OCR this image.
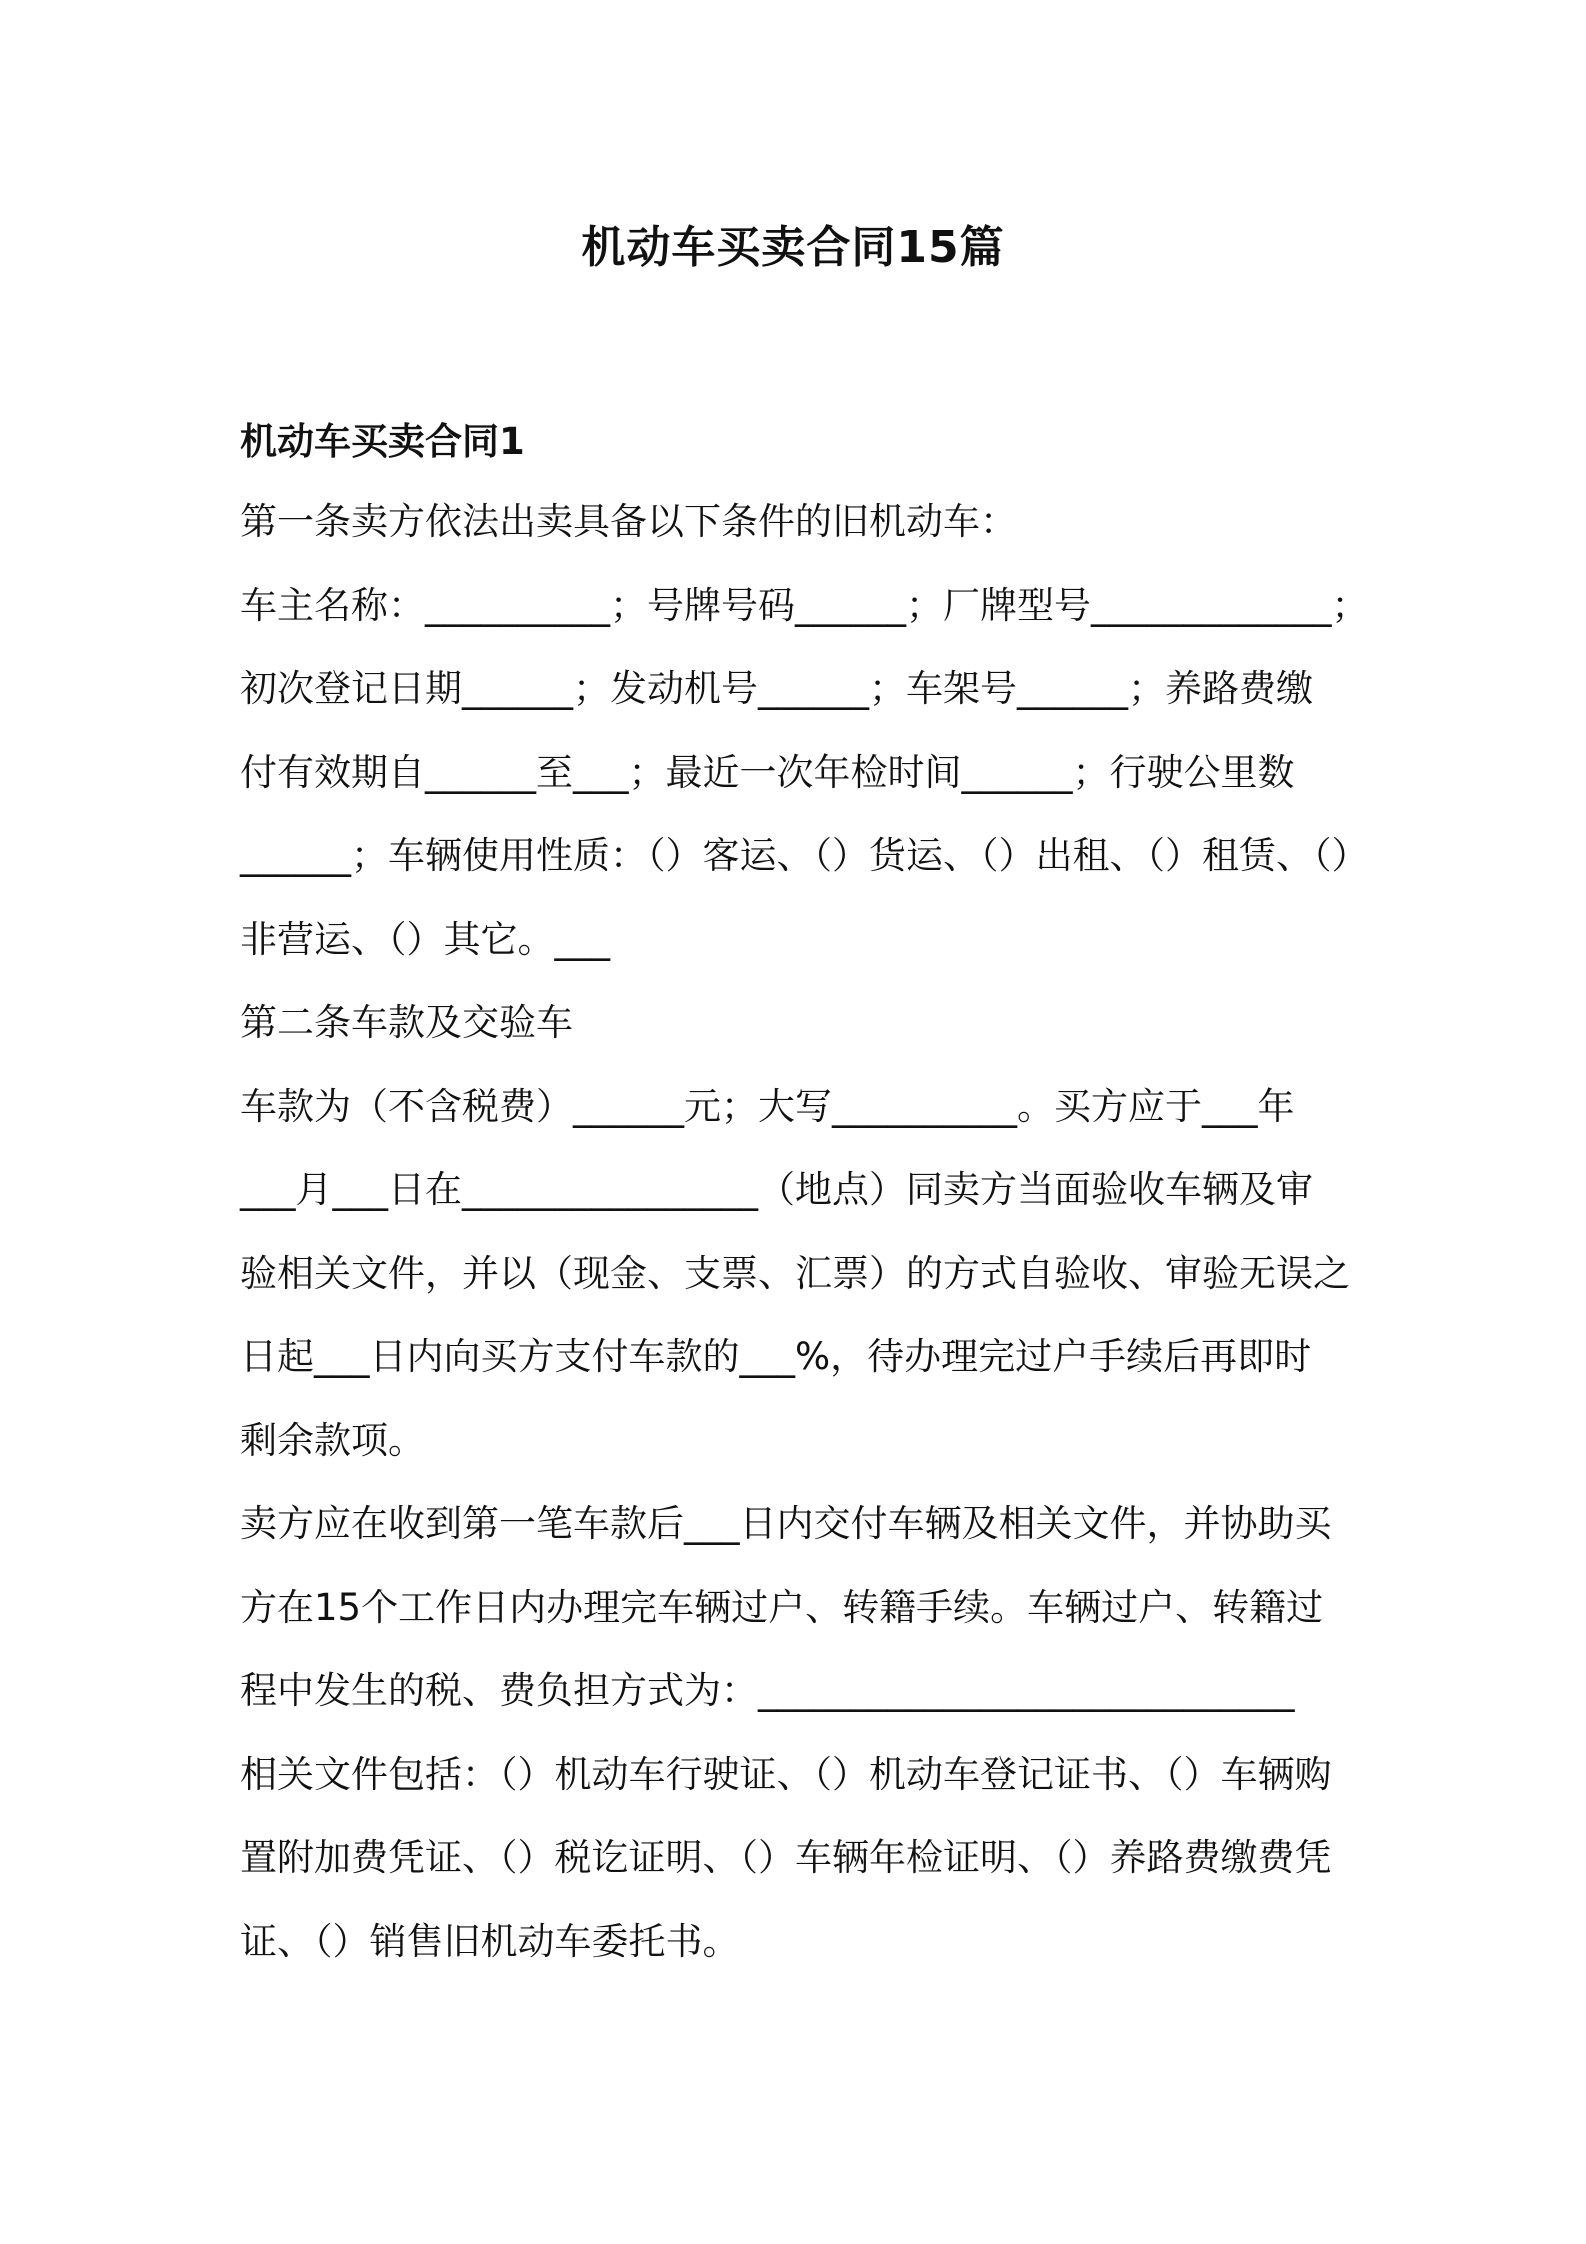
机动车买卖合同15篇
机动车买卖合同1
第一条卖方依法出卖具备以下条件的旧机动车：
车主名称：__________；号牌号码______；厂牌型号_____________；
初次登记日期______；发动机号______；车架号______；养路费缴
付有效期自______至___；最近一次年检时间______；行驶公里数
______；车辆使用性质：（）客运、（）货运、（）出租、（）租赁、（）
非营运、（）其它。___
第二条车款及交验车
车款为（不含税费）______元；大写__________。买方应于___年
___月___日在________________（地点）同卖方当面验收车辆及审
验相关文件，并以（现金、支票、汇票）的方式自验收、审验无误之
日起___日内向买方支付车款的___%，待办理完过户手续后再即时
剩余款项。
卖方应在收到第一笔车款后___日内交付车辆及相关文件，并协助买
方在15个工作日内办理完车辆过户、转籍手续。车辆过户、转籍过
程中发生的税、费负担方式为：_____________________________
相关文件包括：（）机动车行驶证、（）机动车登记证书、（）车辆购
置附加费凭证、（）税讫证明、（）车辆年检证明、（）养路费缴费凭
证、（）销售旧机动车委托书。
